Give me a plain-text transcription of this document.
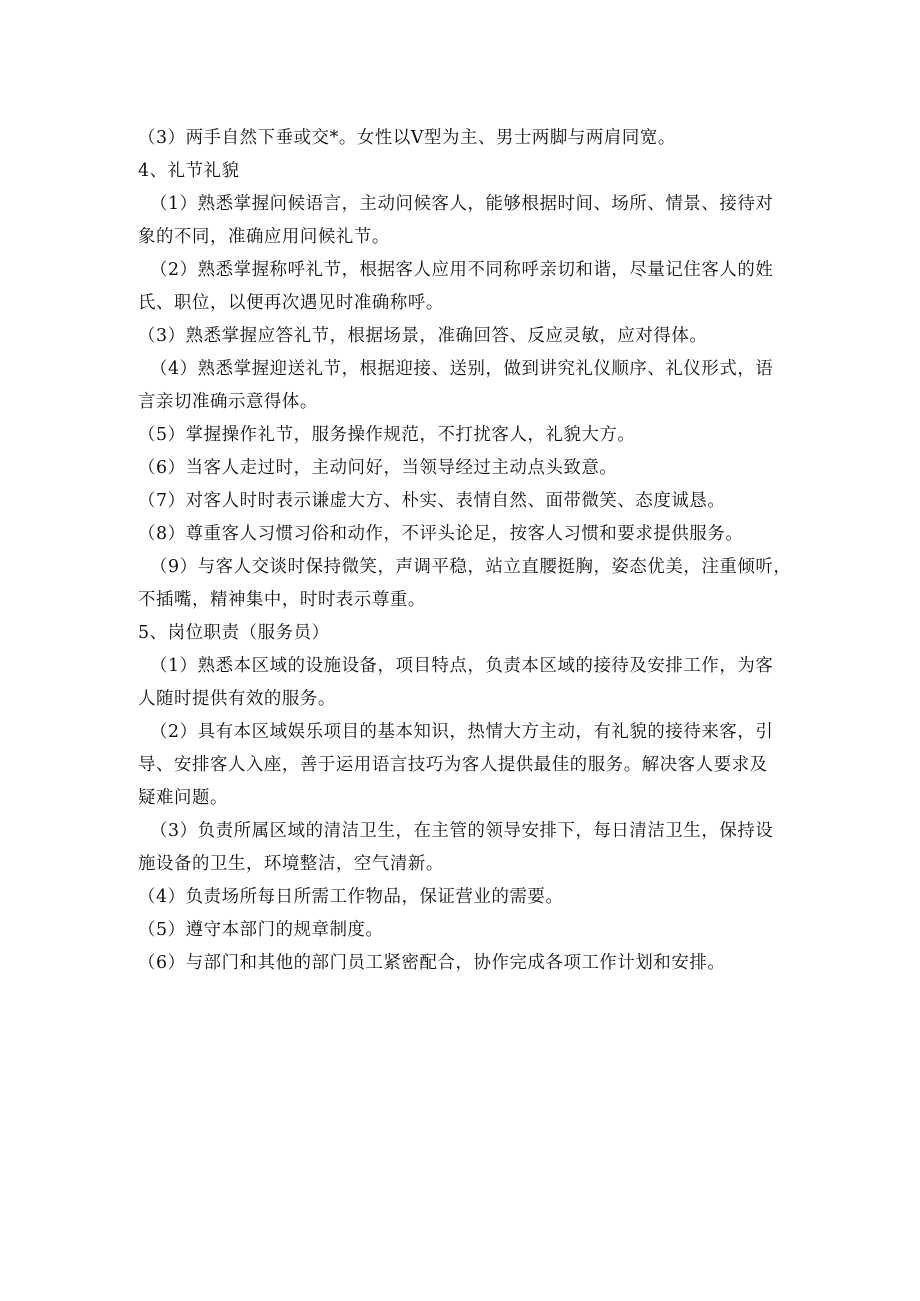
（3）两手自然下垂或交*。女性以Ⅴ型为主、男士两脚与两肩同宽。
4、礼节礼貌
（1）熟悉掌握问候语言，主动问候客人，能够根据时间、场所、情景、接待对
象的不同，准确应用问候礼节。
（2）熟悉掌握称呼礼节，根据客人应用不同称呼亲切和谐，尽量记住客人的姓
氏、职位，以便再次遇见时准确称呼。
（3）熟悉掌握应答礼节，根据场景，准确回答、反应灵敏，应对得体。
（4）熟悉掌握迎送礼节，根据迎接、送别，做到讲究礼仪顺序、礼仪形式，语
言亲切准确示意得体。
（5）掌握操作礼节，服务操作规范，不打扰客人，礼貌大方。
（6）当客人走过时，主动问好，当领导经过主动点头致意。
（7）对客人时时表示谦虚大方、朴实、表情自然、面带微笑、态度诚恳。
（8）尊重客人习惯习俗和动作，不评头论足，按客人习惯和要求提供服务。
（9）与客人交谈时保持微笑，声调平稳，站立直腰挺胸，姿态优美，注重倾听，
不插嘴，精神集中，时时表示尊重。
5、岗位职责（服务员）
（1）熟悉本区域的设施设备，项目特点，负责本区域的接待及安排工作，为客
人随时提供有效的服务。
（2）具有本区域娱乐项目的基本知识，热情大方主动，有礼貌的接待来客，引
导、安排客人入座，善于运用语言技巧为客人提供最佳的服务。解决客人要求及
疑难问题。
（3）负责所属区域的清洁卫生，在主管的领导安排下，每日清洁卫生，保持设
施设备的卫生，环境整洁，空气清新。
（4）负责场所每日所需工作物品，保证营业的需要。
（5）遵守本部门的规章制度。
（6）与部门和其他的部门员工紧密配合，协作完成各项工作计划和安排。
